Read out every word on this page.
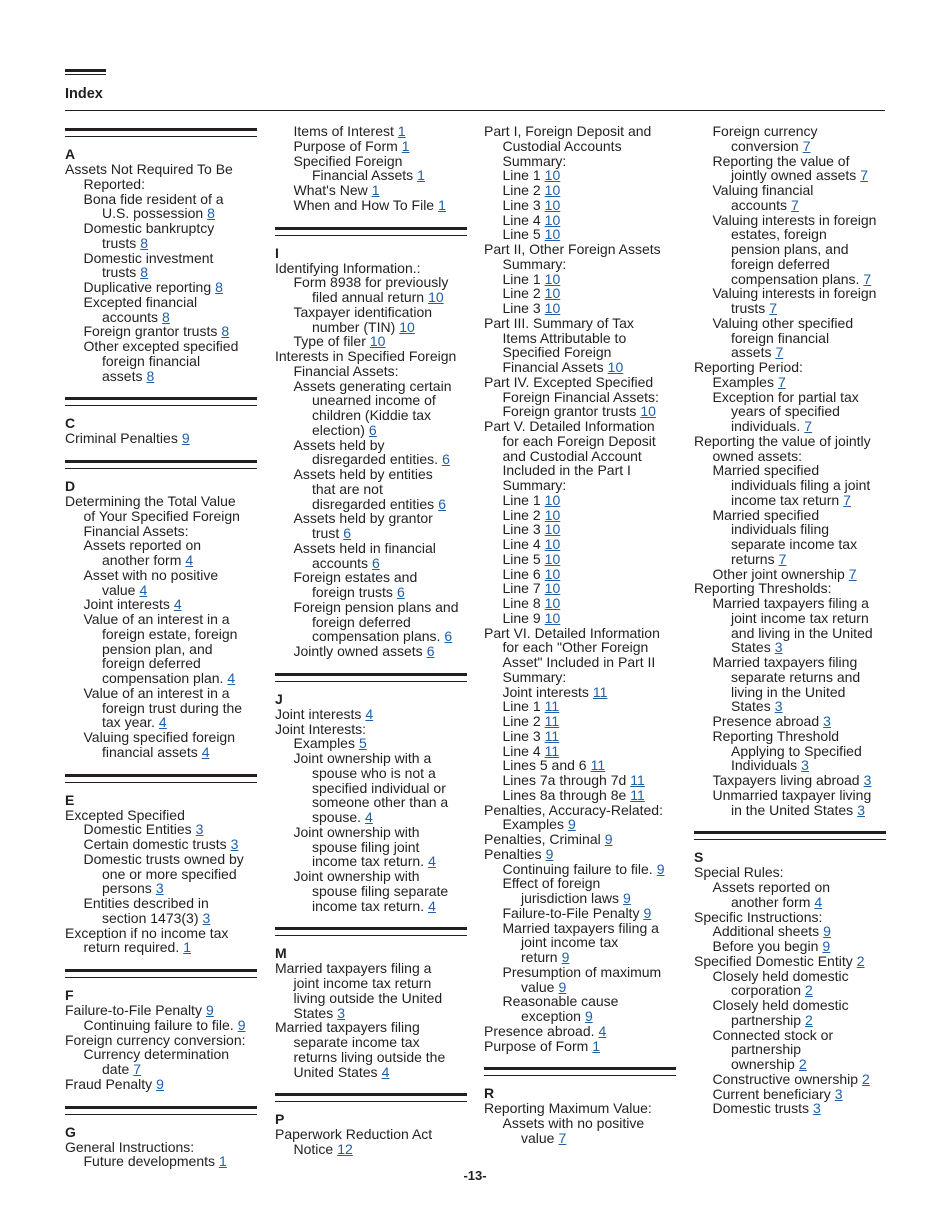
Index
A
Assets Not Required To Be
Reported:
Bona fide resident of a
U.S. possession 8
Domestic bankruptcy
trusts 8
Domestic investment
trusts 8
Duplicative reporting 8
Excepted financial
accounts 8
Foreign grantor trusts 8
Other excepted specified
foreign financial
assets 8
C
Criminal Penalties 9
D
Determining the Total Value
of Your Specified Foreign
Financial Assets:
Assets reported on
another form 4
Asset with no positive
value 4
Joint interests 4
Value of an interest in a
foreign estate, foreign
pension plan, and
foreign deferred
compensation plan. 4
Value of an interest in a
foreign trust during the
tax year. 4
Valuing specified foreign
financial assets 4
E
Excepted Specified
Domestic Entities 3
Certain domestic trusts 3
Domestic trusts owned by
one or more specified
persons 3
Entities described in
section 1473(3) 3
Exception if no income tax
return required. 1
F
Failure-to-File Penalty 9
Continuing failure to file. 9
Foreign currency conversion:
Currency determination
date 7
Fraud Penalty 9
G
General Instructions:
Future developments 1
Items of Interest 1
Purpose of Form 1
Specified Foreign
Financial Assets 1
What's New 1
When and How To File 1
I
Identifying Information.:
Form 8938 for previously
filed annual return 10
Taxpayer identification
number (TIN) 10
Type of filer 10
Interests in Specified Foreign
Financial Assets:
Assets generating certain
unearned income of
children (Kiddie tax
election) 6
Assets held by
disregarded entities. 6
Assets held by entities
that are not
disregarded entities 6
Assets held by grantor
trust 6
Assets held in financial
accounts 6
Foreign estates and
foreign trusts 6
Foreign pension plans and
foreign deferred
compensation plans. 6
Jointly owned assets 6
J
Joint interests 4
Joint Interests:
Examples 5
Joint ownership with a
spouse who is not a
specified individual or
someone other than a
spouse. 4
Joint ownership with
spouse filing joint
income tax return. 4
Joint ownership with
spouse filing separate
income tax return. 4
M
Married taxpayers filing a
joint income tax return
living outside the United
States 3
Married taxpayers filing
separate income tax
returns living outside the
United States 4
P
Paperwork Reduction Act
Notice 12
Part I, Foreign Deposit and
Custodial Accounts
Summary:
Line 1 10
Line 2 10
Line 3 10
Line 4 10
Line 5 10
Part II, Other Foreign Assets
Summary:
Line 1 10
Line 2 10
Line 3 10
Part III. Summary of Tax
Items Attributable to
Specified Foreign
Financial Assets 10
Part IV. Excepted Specified
Foreign Financial Assets:
Foreign grantor trusts 10
Part V. Detailed Information
for each Foreign Deposit
and Custodial Account
Included in the Part I
Summary:
Line 1 10
Line 2 10
Line 3 10
Line 4 10
Line 5 10
Line 6 10
Line 7 10
Line 8 10
Line 9 10
Part VI. Detailed Information
for each "Other Foreign
Asset" Included in Part II
Summary:
Joint interests 11
Line 1 11
Line 2 11
Line 3 11
Line 4 11
Lines 5 and 6 11
Lines 7a through 7d 11
Lines 8a through 8e 11
Penalties, Accuracy-Related:
Examples 9
Penalties, Criminal 9
Penalties 9
Continuing failure to file. 9
Effect of foreign
jurisdiction laws 9
Failure-to-File Penalty 9
Married taxpayers filing a
joint income tax
return 9
Presumption of maximum
value 9
Reasonable cause
exception 9
Presence abroad. 4
Purpose of Form 1
R
Reporting Maximum Value:
Assets with no positive
value 7
Foreign currency
conversion 7
Reporting the value of
jointly owned assets 7
Valuing financial
accounts 7
Valuing interests in foreign
estates, foreign
pension plans, and
foreign deferred
compensation plans. 7
Valuing interests in foreign
trusts 7
Valuing other specified
foreign financial
assets 7
Reporting Period:
Examples 7
Exception for partial tax
years of specified
individuals. 7
Reporting the value of jointly
owned assets:
Married specified
individuals filing a joint
income tax return 7
Married specified
individuals filing
separate income tax
returns 7
Other joint ownership 7
Reporting Thresholds:
Married taxpayers filing a
joint income tax return
and living in the United
States 3
Married taxpayers filing
separate returns and
living in the United
States 3
Presence abroad 3
Reporting Threshold
Applying to Specified
Individuals 3
Taxpayers living abroad 3
Unmarried taxpayer living
in the United States 3
S
Special Rules:
Assets reported on
another form 4
Specific Instructions:
Additional sheets 9
Before you begin 9
Specified Domestic Entity 2
Closely held domestic
corporation 2
Closely held domestic
partnership 2
Connected stock or
partnership
ownership 2
Constructive ownership 2
Current beneficiary 3
Domestic trusts 3
-13-
